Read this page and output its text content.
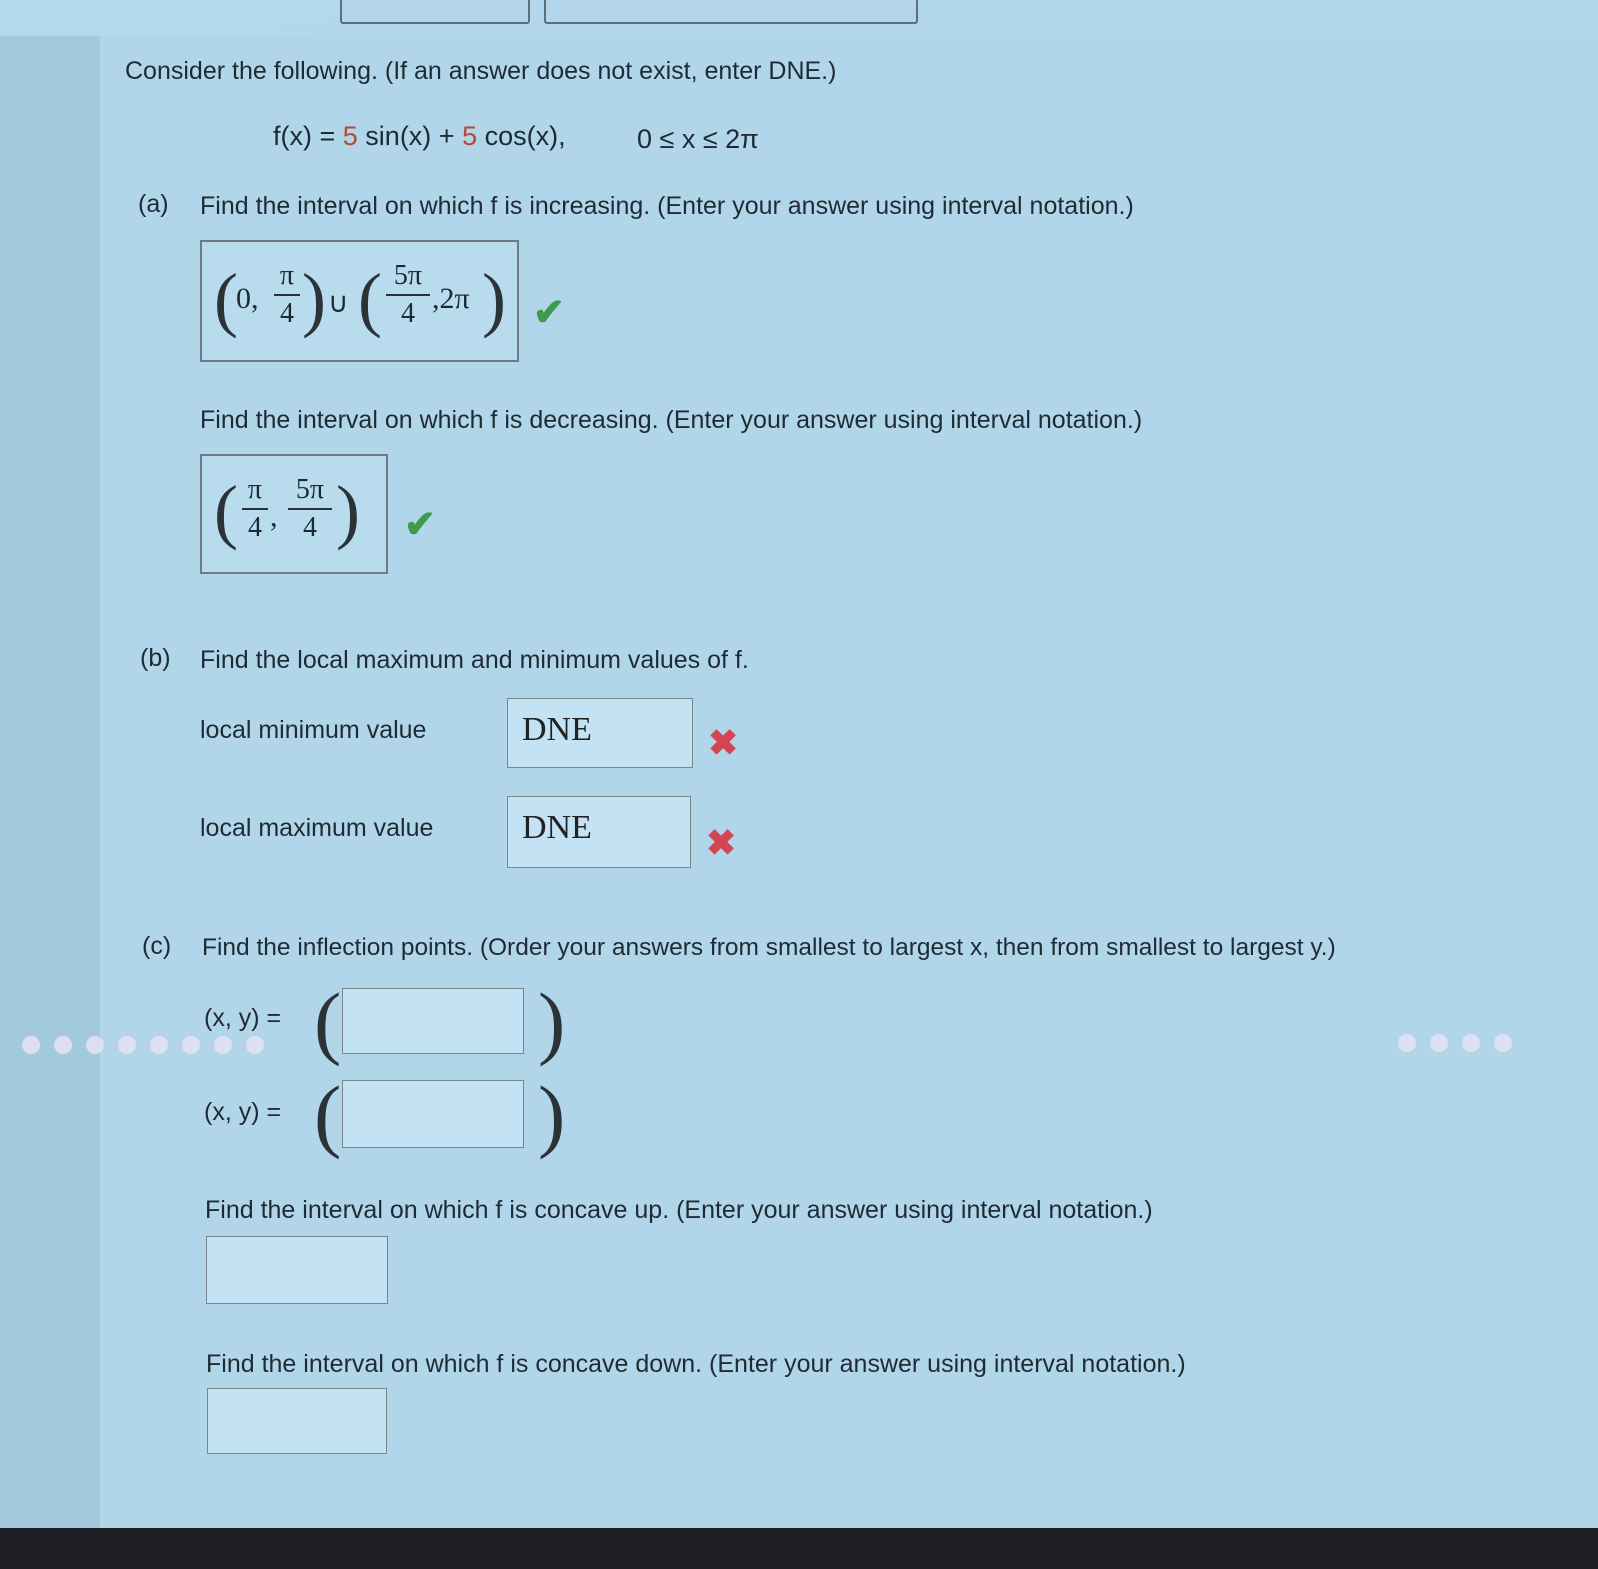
Consider the following. (If an answer does not exist, enter DNE.)
f(x) = 5 sin(x) + 5 cos(x),	0 ≤ x ≤ 2π
(a) Find the interval on which f is increasing. (Enter your answer using interval notation.)
(
0,
π
4 ) ∪ ( 5π
4 ,2π ) ✔
Find the interval on which f is decreasing. (Enter your answer using interval notation.)
( π
4 ,
5π
4 ) ✔
(b) Find the local maximum and minimum values of f.
local minimum value	DNE	✖
local maximum value	DNE	✖
(c) Find the inflection points. (Order your answers from smallest to largest x, then from smallest to largest y.)
(x, y) = ( )
(x, y) = ( )
Find the interval on which f is concave up. (Enter your answer using interval notation.)
Find the interval on which f is concave down. (Enter your answer using interval notation.)
